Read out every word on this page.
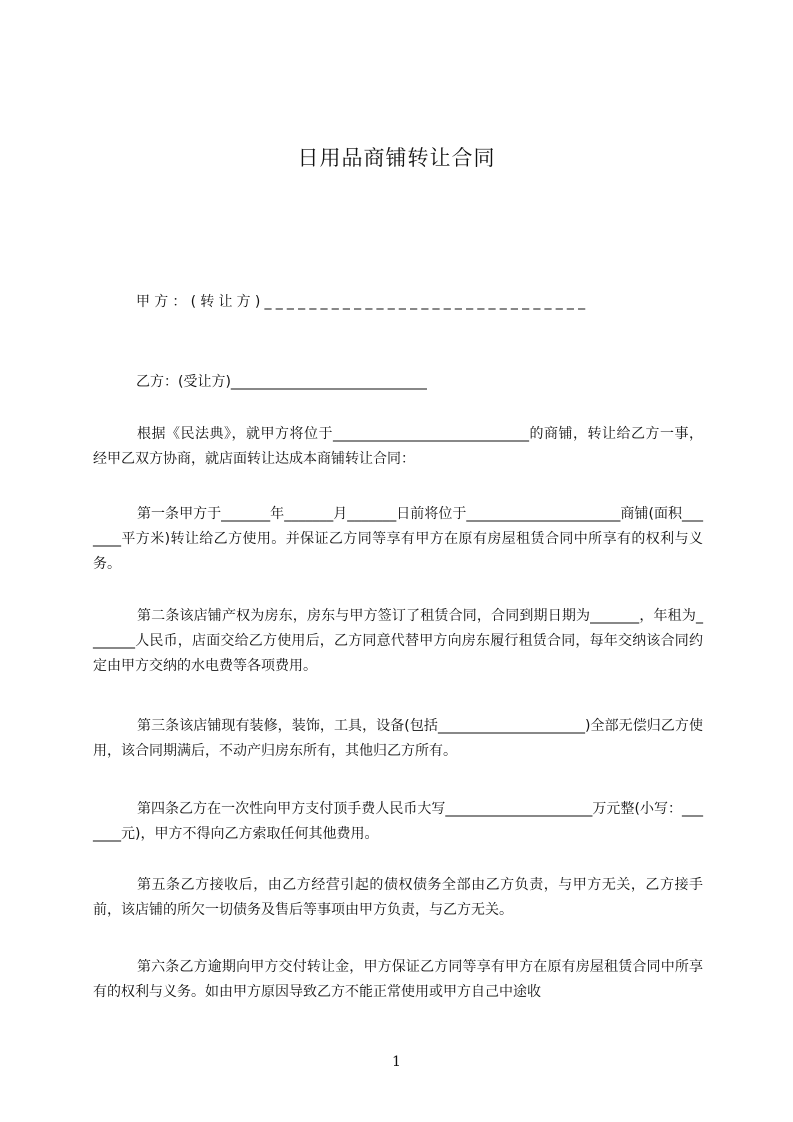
日用品商铺转让合同
甲方：(转让方)_____________________________
乙方：(受让方)____________________________

根据《民法典》，就甲方将位于____________________________的商铺，转让给乙方一事，经甲乙双方协商，就店面转让达成本商铺转让合同：

第一条甲方于_______年_______月_______日前将位于______________________商铺(面积_______平方米)转让给乙方使用。并保证乙方同等享有甲方在原有房屋租赁合同中所享有的权利与义务。

第二条该店铺产权为房东，房东与甲方签订了租赁合同，合同到期日期为_______，年租为_______人民币，店面交给乙方使用后，乙方同意代替甲方向房东履行租赁合同，每年交纳该合同约定由甲方交纳的水电费等各项费用。

第三条该店铺现有装修，装饰，工具，设备(包括_____________________)全部无偿归乙方使用，该合同期满后，不动产归房东所有，其他归乙方所有。

第四条乙方在一次性向甲方支付顶手费人民币大写_____________________万元整(小写：_______元)，甲方不得向乙方索取任何其他费用。

第五条乙方接收后，由乙方经营引起的债权债务全部由乙方负责，与甲方无关，乙方接手前，该店铺的所欠一切债务及售后等事项由甲方负责，与乙方无关。

第六条乙方逾期向甲方交付转让金，甲方保证乙方同等享有甲方在原有房屋租赁合同中所享有的权利与义务。如由甲方原因导致乙方不能正常使用或甲方自己中途收

1
